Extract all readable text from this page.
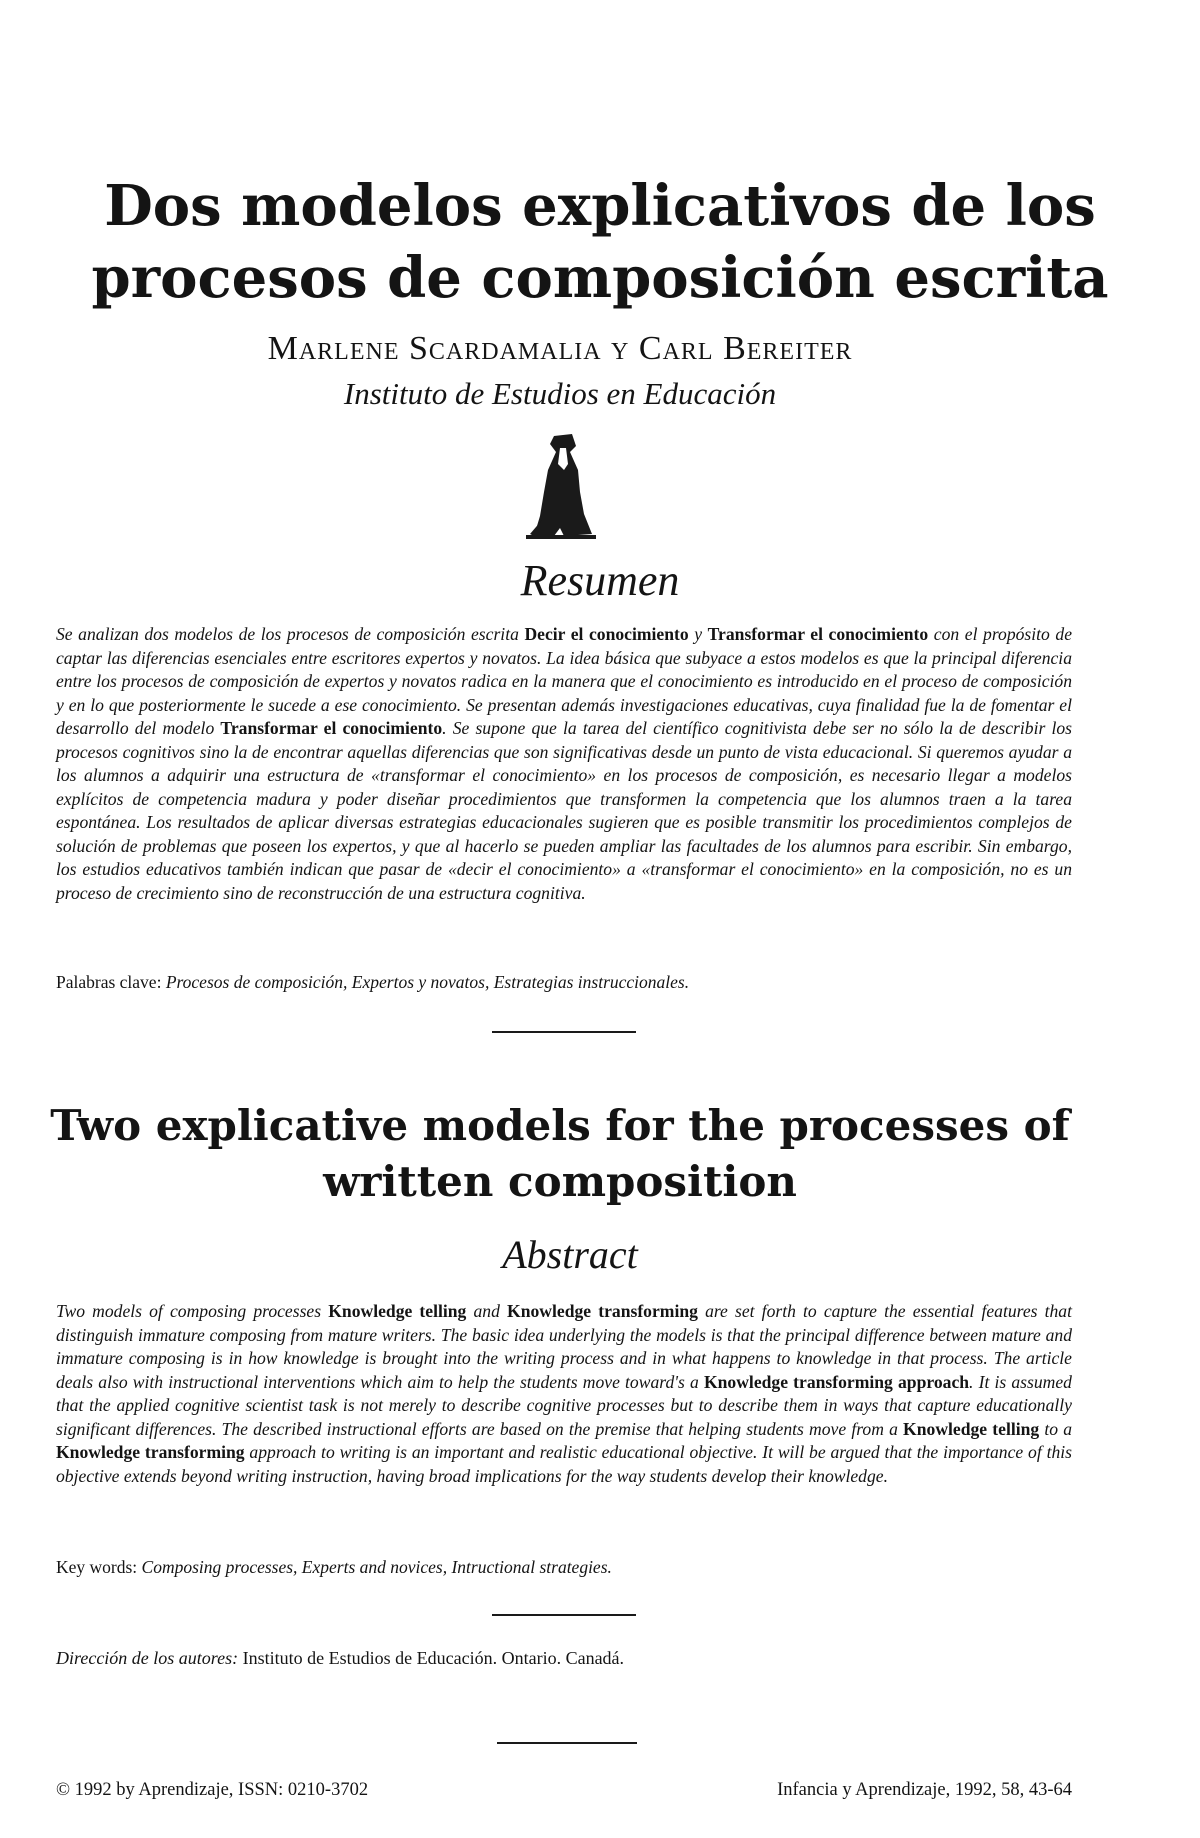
Dos modelos explicativos de los procesos de composición escrita

Marlene Scardamalia y Carl Bereiter

Instituto de Estudios en Educación

Resumen

Se analizan dos modelos de los procesos de composición escrita Decir el conocimiento y Transformar el conocimiento con el propósito de captar las diferencias esenciales entre escritores expertos y novatos. La idea básica que subyace a estos modelos es que la principal diferencia entre los procesos de composición de expertos y novatos radica en la manera que el conocimiento es introducido en el proceso de composición y en lo que posteriormente le sucede a ese conocimiento. Se presentan además investigaciones educativas, cuya finalidad fue la de fomentar el desarrollo del modelo Transformar el conocimiento. Se supone que la tarea del científico cognitivista debe ser no sólo la de describir los procesos cognitivos sino la de encontrar aquellas diferencias que son significativas desde un punto de vista educacional. Si queremos ayudar a los alumnos a adquirir una estructura de «transformar el conocimiento» en los procesos de composición, es necesario llegar a modelos explícitos de competencia madura y poder diseñar procedimientos que transformen la competencia que los alumnos traen a la tarea espontánea. Los resultados de aplicar diversas estrategias educacionales sugieren que es posible transmitir los procedimientos complejos de solución de problemas que poseen los expertos, y que al hacerlo se pueden ampliar las facultades de los alumnos para escribir. Sin embargo, los estudios educativos también indican que pasar de «decir el conocimiento» a «transformar el conocimiento» en la composición, no es un proceso de crecimiento sino de reconstrucción de una estructura cognitiva.

Palabras clave: Procesos de composición, Expertos y novatos, Estrategias instruccionales.

Two explicative models for the processes of written composition
Abstract

Two models of composing processes Knowledge telling and Knowledge transforming are set forth to capture the essential features that distinguish immature composing from mature writers. The basic idea underlying the models is that the principal difference between mature and immature composing is in how knowledge is brought into the writing process and in what happens to knowledge in that process. The article deals also with instructional interventions which aim to help the students move toward's a Knowledge transforming approach. It is assumed that the applied cognitive scientist task is not merely to describe cognitive processes but to describe them in ways that capture educationally significant differences. The described instructional efforts are based on the premise that helping students move from a Knowledge telling to a Knowledge transforming approach to writing is an important and realistic educational objective. It will be argued that the importance of this objective extends beyond writing instruction, having broad implications for the way students develop their knowledge.

Key words: Composing processes, Experts and novices, Intructional strategies.

Dirección de los autores: Instituto de Estudios de Educación. Ontario. Canadá.

© 1992 by Aprendizaje, ISSN: 0210-3702	Infancia y Aprendizaje, 1992, 58, 43-64
